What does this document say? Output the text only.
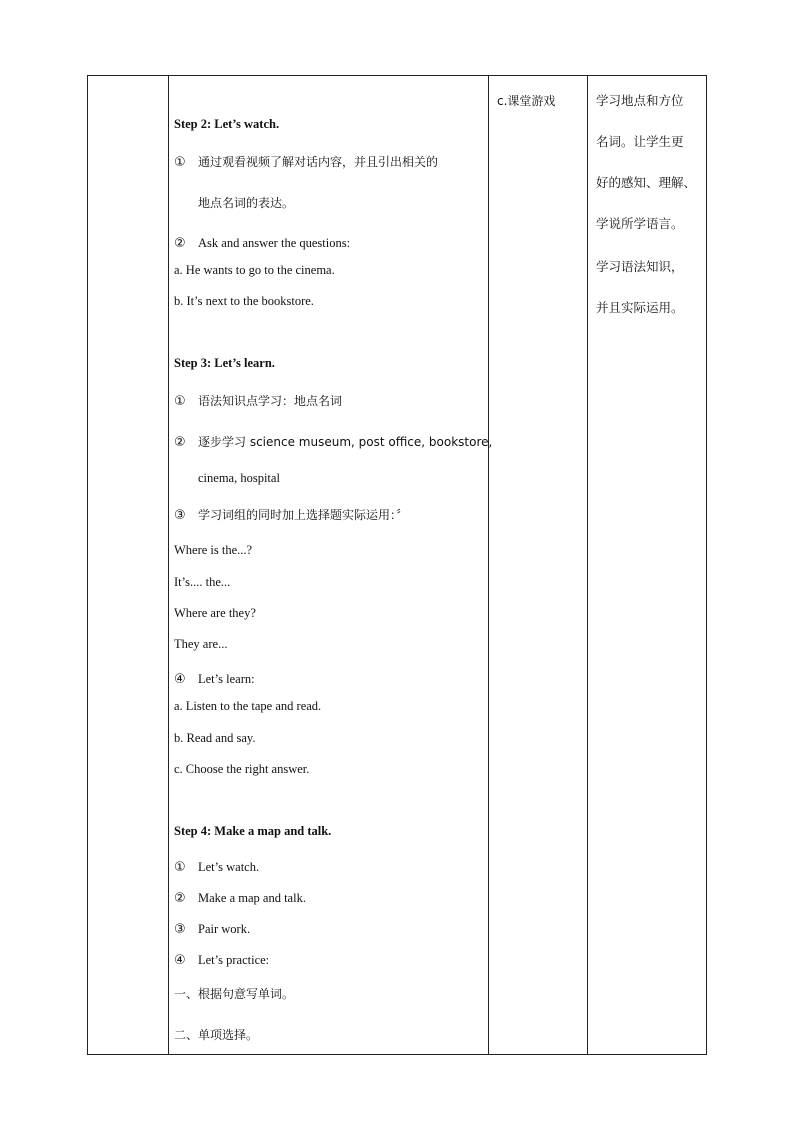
Step 2: Let’s watch.
① 通过观看视频了解对话内容，并且引出相关的
地点名词的表达。
② Ask and answer the questions:
a. He wants to go to the cinema.
b. It’s next to the bookstore.
Step 3: Let’s learn.
① 语法知识点学习：地点名词
② 逐步学习 science museum, post office, bookstore,
cinema, hospital
③ 学习词组的同时加上选择题实际运用：〞
Where is the...?
It’s.... the...
Where are they?
They are...
④ Let’s learn:
a. Listen to the tape and read.
b. Read and say.
c. Choose the right answer.
Step 4: Make a map and talk.
① Let’s watch.
② Make a map and talk.
③ Pair work.
④ Let’s practice:
一、根据句意写单词。
二、单项选择。
c.课堂游戏	学习地点和方位
名词。让学生更
好的感知、理解、
学说所学语言。
学习语法知识，
并且实际运用。
